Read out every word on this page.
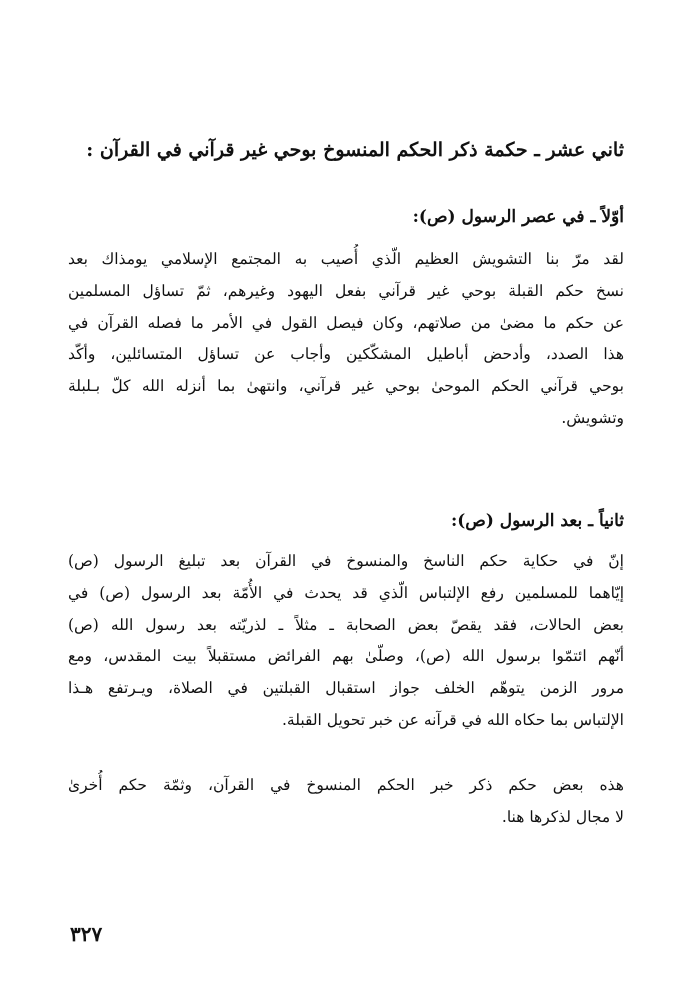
ثاني عشر ـ حكمة ذكر الحكم المنسوخ بوحي غير قرآني في القرآن :
أوّلاً ـ في عصر الرسول (ص):
لقد مرّ بنا التشويش العظيم الّذي أُصيب به المجتمع الإسلامي يومذاك بعد
نسخ حكم القبلة بوحي غير قرآني بفعل اليهود وغيرهم، ثمّ تساؤل المسلمين
عن حكم ما مضىٰ من صلاتهم، وكان فيصل القول في الأمر ما فصله القرآن في
هذا الصدد، وأدحض أباطيل المشكّكين وأجاب عن تساؤل المتسائلين، وأكّد
بوحي قرآني الحكم الموحىٰ بوحي غير قرآني، وانتهىٰ بما أنزله الله كلّ بـلبلة
وتشويش.
ثانياً ـ بعد الرسول (ص):
إنّ في حكاية حكم الناسخ والمنسوخ في القرآن بعد تبليغ الرسول (ص)
إيّاهما للمسلمين رفع الإلتباس الّذي قد يحدث في الأُمّة بعد الرسول (ص) في
بعض الحالات، فقد يقصّ بعض الصحابة ـ مثلاً ـ لذريّته بعد رسول الله (ص)
أنّهم ائتمّوا برسول الله (ص)، وصلّىٰ بهم الفرائض مستقبلاً بيت المقدس، ومع
مرور الزمن يتوهّم الخلف جواز استقبال القبلتين في الصلاة، ويـرتفع هـذا
الإلتباس بما حكاه الله في قرآنه عن خبر تحويل القبلة.
هذه بعض حكم ذكر خبر الحكم المنسوخ في القرآن، وثمّة حكم أُخرىٰ
لا مجال لذكرها هنا.
٣٢٧
